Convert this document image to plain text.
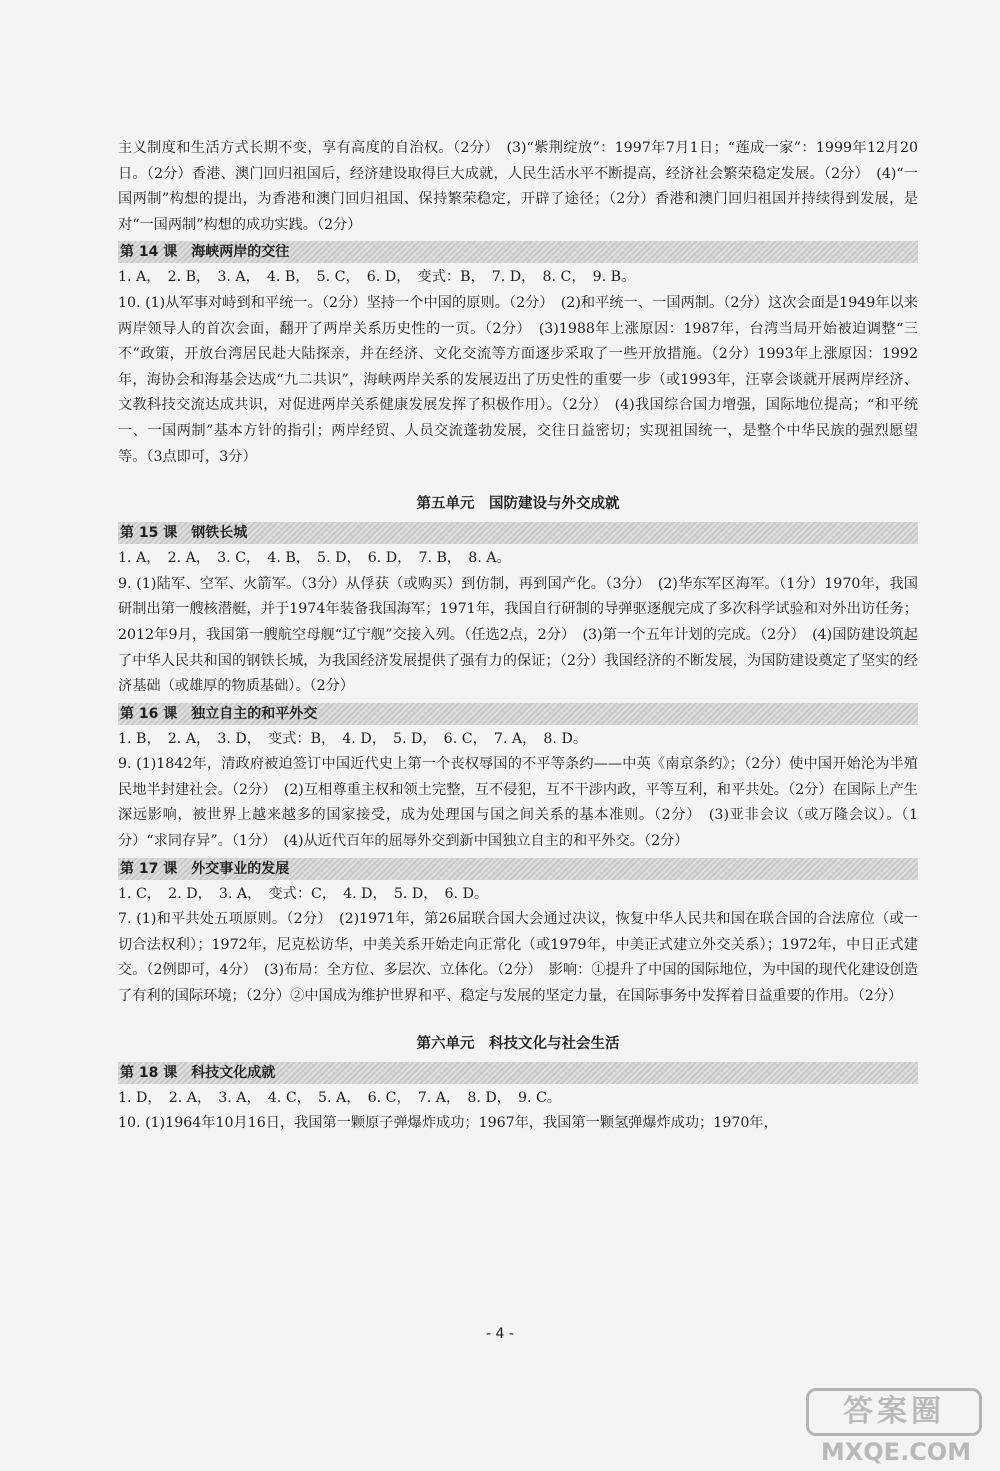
主义制度和生活方式长期不变，享有高度的自治权。（2分）　(3)“紫荆绽放”：1997年7月1日；“莲成一家”：1999年12月20日。（2分）香港、澳门回归祖国后，经济建设取得巨大成就，人民生活水平不断提高，经济社会繁荣稳定发展。（2分）　(4)“一国两制”构想的提出，为香港和澳门回归祖国、保持繁荣稳定，开辟了途径；（2分）香港和澳门回归祖国并持续得到发展，是对“一国两制”构想的成功实践。（2分）

第 14 课　海峡两岸的交往

1. A，　2. B，　3. A，　4. B，　5. C，　6. D，　变式：B，　7. D，　8. C，　9. B。

10. (1)从军事对峙到和平统一。（2分）坚持一个中国的原则。（2分）　(2)和平统一、一国两制。（2分）这次会面是1949年以来两岸领导人的首次会面，翻开了两岸关系历史性的一页。（2分）　(3)1988年上涨原因：1987年，台湾当局开始被迫调整“三不”政策，开放台湾居民赴大陆探亲，并在经济、文化交流等方面逐步采取了一些开放措施。（2分）1993年上涨原因：1992年，海协会和海基会达成“九二共识”，海峡两岸关系的发展迈出了历史性的重要一步（或1993年，汪辜会谈就开展两岸经济、文教科技交流达成共识，对促进两岸关系健康发展发挥了积极作用）。（2分）　(4)我国综合国力增强，国际地位提高；“和平统一、一国两制”基本方针的指引；两岸经贸、人员交流蓬勃发展，交往日益密切；实现祖国统一，是整个中华民族的强烈愿望等。（3点即可，3分）

第五单元　国防建设与外交成就
第 15 课　钢铁长城

1. A，　2. A，　3. C，　4. B，　5. D，　6. D，　7. B，　8. A。

9. (1)陆军、空军、火箭军。（3分）从俘获（或购买）到仿制，再到国产化。（3分）　(2)华东军区海军。（1分）1970年，我国研制出第一艘核潜艇，并于1974年装备我国海军；1971年，我国自行研制的导弹驱逐舰完成了多次科学试验和对外出访任务；2012年9月，我国第一艘航空母舰“辽宁舰”交接入列。（任选2点，2分）　(3)第一个五年计划的完成。（2分）　(4)国防建设筑起了中华人民共和国的钢铁长城，为我国经济发展提供了强有力的保证；（2分）我国经济的不断发展，为国防建设奠定了坚实的经济基础（或雄厚的物质基础）。（2分）

第 16 课　独立自主的和平外交

1. B，　2. A，　3. D，　变式：B，　4. D，　5. D，　6. C，　7. A，　8. D。

9. (1)1842年，清政府被迫签订中国近代史上第一个丧权辱国的不平等条约——中英《南京条约》；（2分）使中国开始沦为半殖民地半封建社会。（2分）　(2)互相尊重主权和领土完整，互不侵犯，互不干涉内政，平等互利，和平共处。（2分）在国际上产生深远影响，被世界上越来越多的国家接受，成为处理国与国之间关系的基本准则。（2分）　(3)亚非会议（或万隆会议）。（1分）“求同存异”。（1分）　(4)从近代百年的屈辱外交到新中国独立自主的和平外交。（2分）

第 17 课　外交事业的发展

1. C，　2. D，　3. A，　变式：C，　4. D，　5. D，　6. D。

7. (1)和平共处五项原则。（2分）　(2)1971年，第26届联合国大会通过决议，恢复中华人民共和国在联合国的合法席位（或一切合法权利）；1972年，尼克松访华，中美关系开始走向正常化（或1979年，中美正式建立外交关系）；1972年，中日正式建交。（2例即可，4分）　(3)布局：全方位、多层次、立体化。（2分）　影响：①提升了中国的国际地位，为中国的现代化建设创造了有利的国际环境；（2分）②中国成为维护世界和平、稳定与发展的坚定力量，在国际事务中发挥着日益重要的作用。（2分）

第六单元　科技文化与社会生活
第 18 课　科技文化成就

1. D，　2. A，　3. A，　4. C，　5. A，　6. C，　7. A，　8. D，　9. C。

10. (1)1964年10月16日，我国第一颗原子弹爆炸成功；1967年，我国第一颗氢弹爆炸成功；1970年，

- 4 -
答案圈
MXQE.COM
